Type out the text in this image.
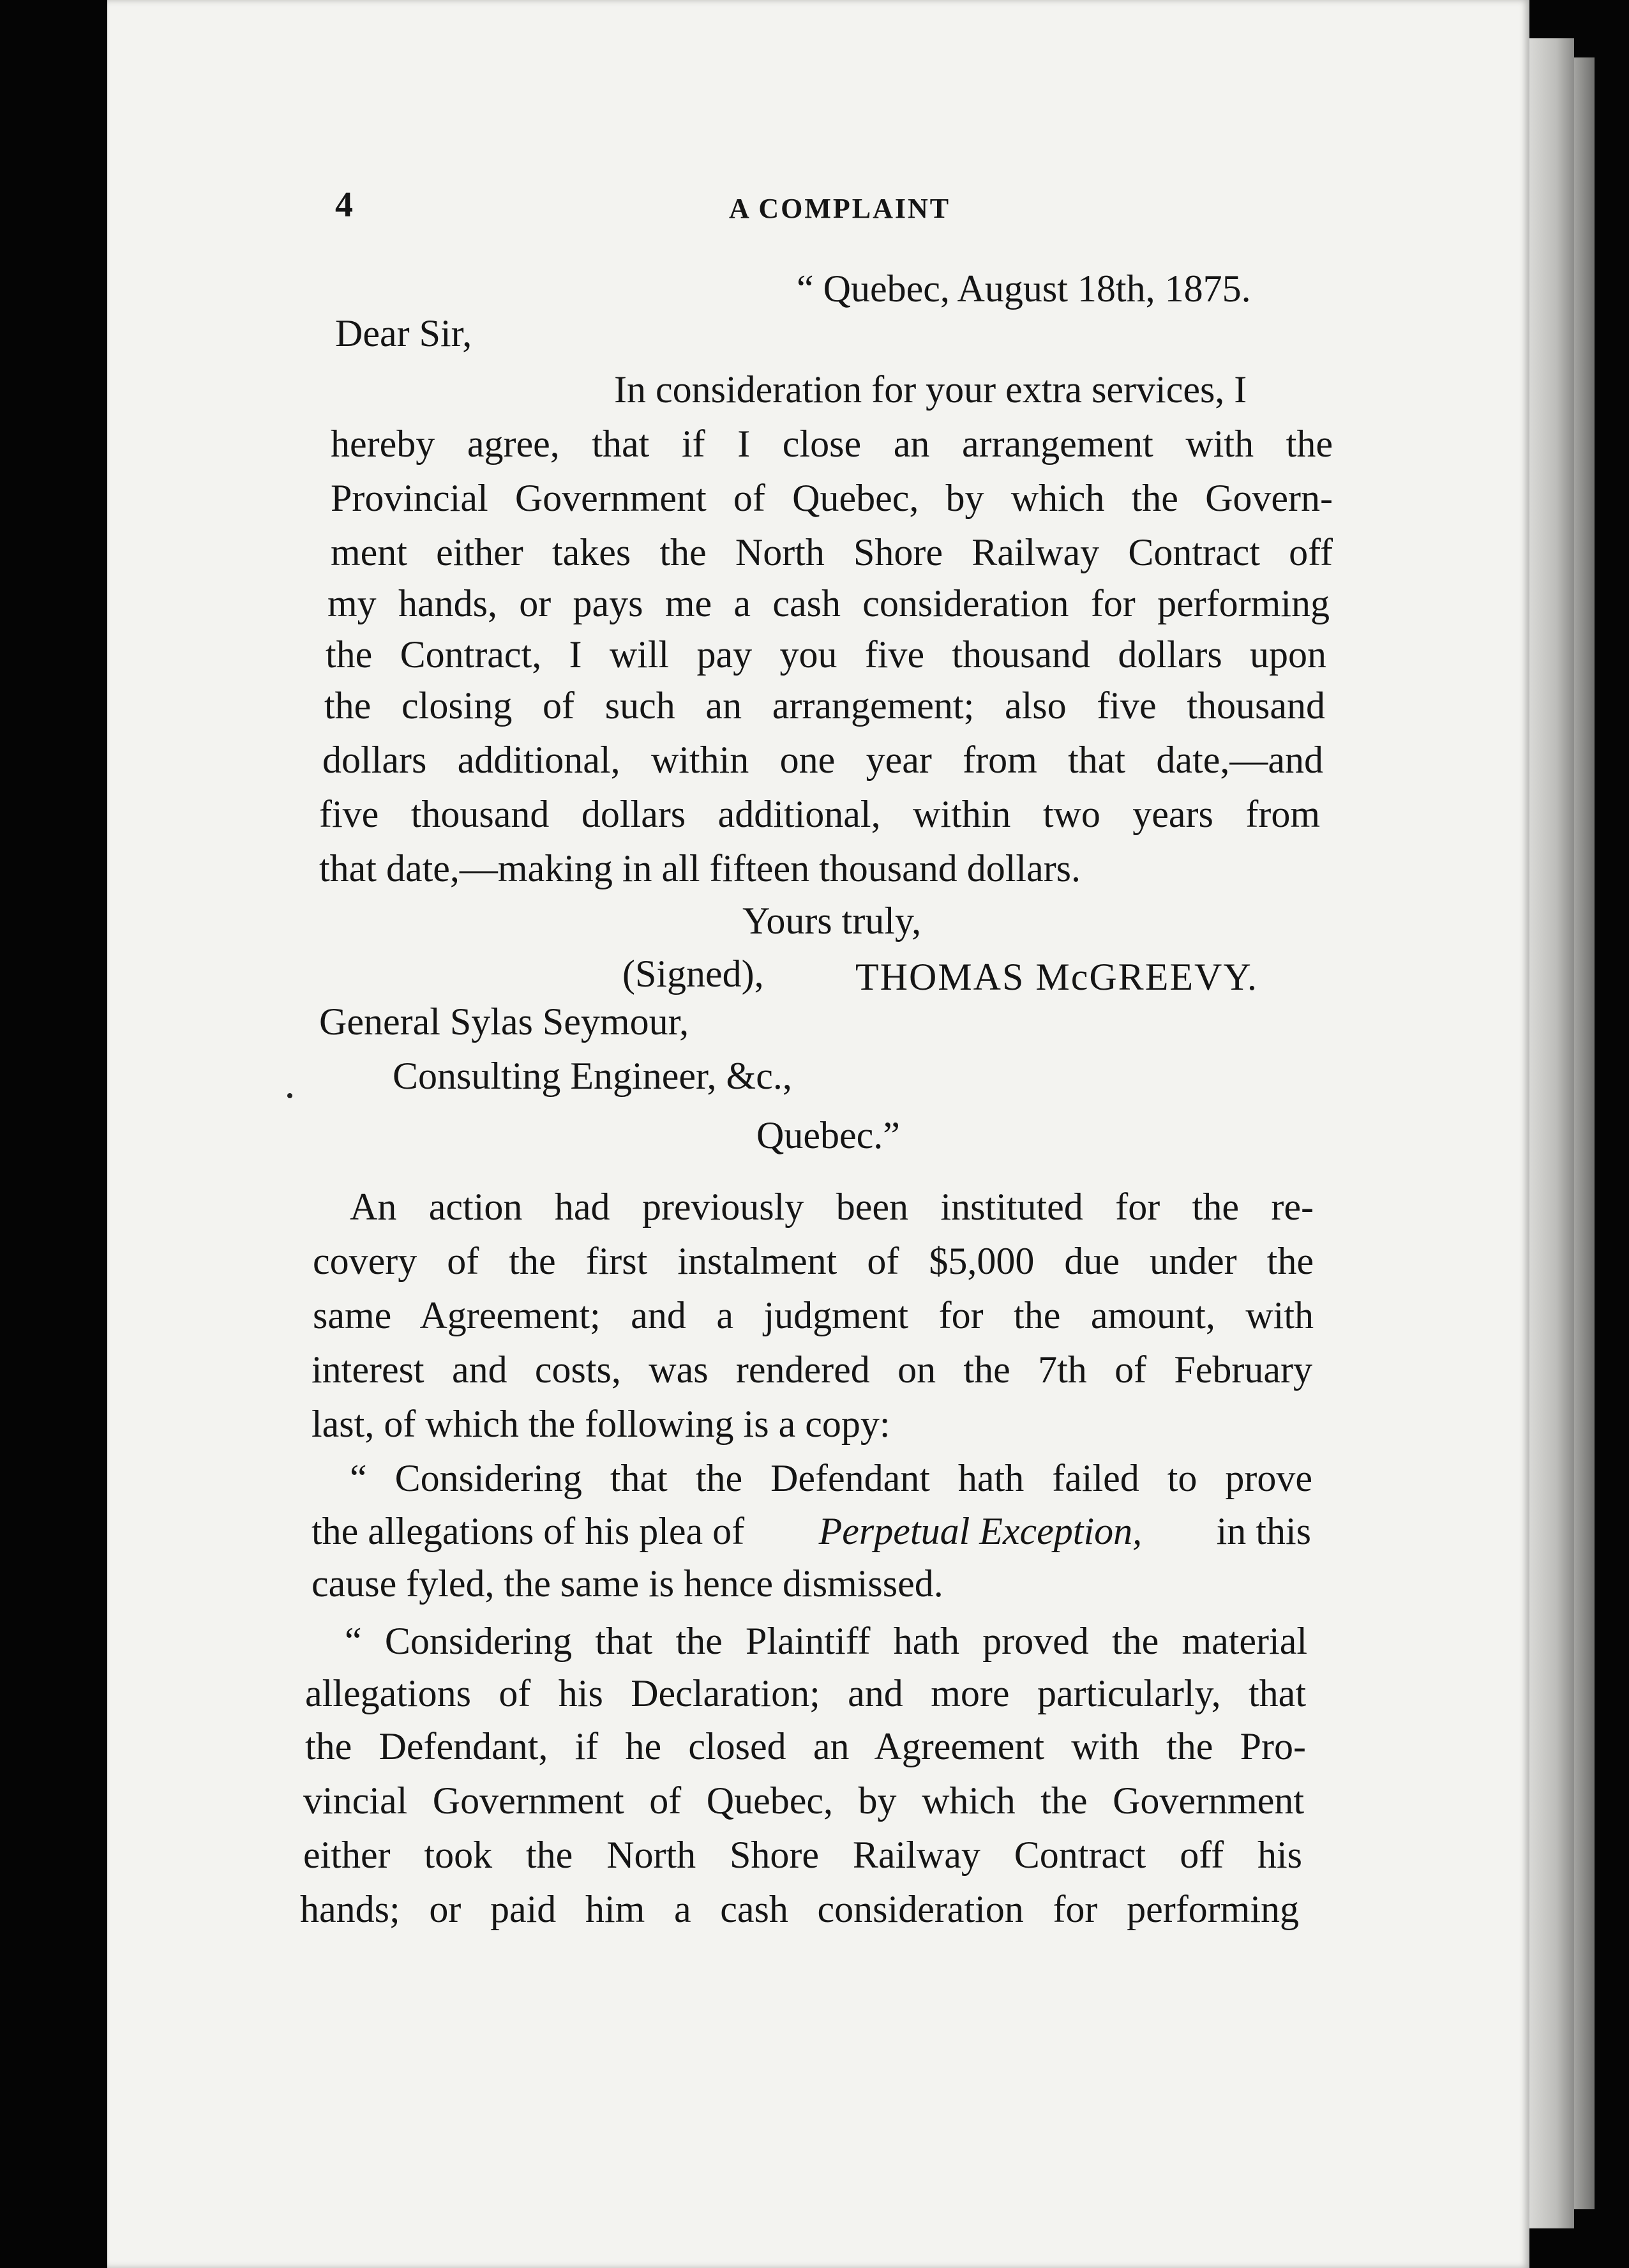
4	A COMPLAINT
“ Quebec, August 18th, 1875.
Dear Sir,
In consideration for your extra services, I
hereby agree, that if I close an arrangement with the
Provincial Government of Quebec, by which the Govern-
ment either takes the North Shore Railway Contract off
my hands, or pays me a cash consideration for performing
the Contract, I will pay you five thousand dollars upon
the closing of such an arrangement; also five thousand
dollars additional, within one year from that date,—and
five thousand dollars additional, within two years from
that date,—making in all fifteen thousand dollars.
Yours truly,
(Signed), THOMAS McGREEVY.
General Sylas Seymour,
Consulting Engineer, &c.,
Quebec.”
An action had previously been instituted for the re-
covery of the first instalment of $5,000 due under the
same Agreement; and a judgment for the amount, with
interest and costs, was rendered on the 7th of February
last, of which the following is a copy:
“ Considering that the Defendant hath failed to prove
the allegations of his plea of Perpetual Exception, in this
cause fyled, the same is hence dismissed.
“ Considering that the Plaintiff hath proved the material
allegations of his Declaration; and more particularly, that
the Defendant, if he closed an Agreement with the Pro-
vincial Government of Quebec, by which the Government
either took the North Shore Railway Contract off his
hands; or paid him a cash consideration for performing
